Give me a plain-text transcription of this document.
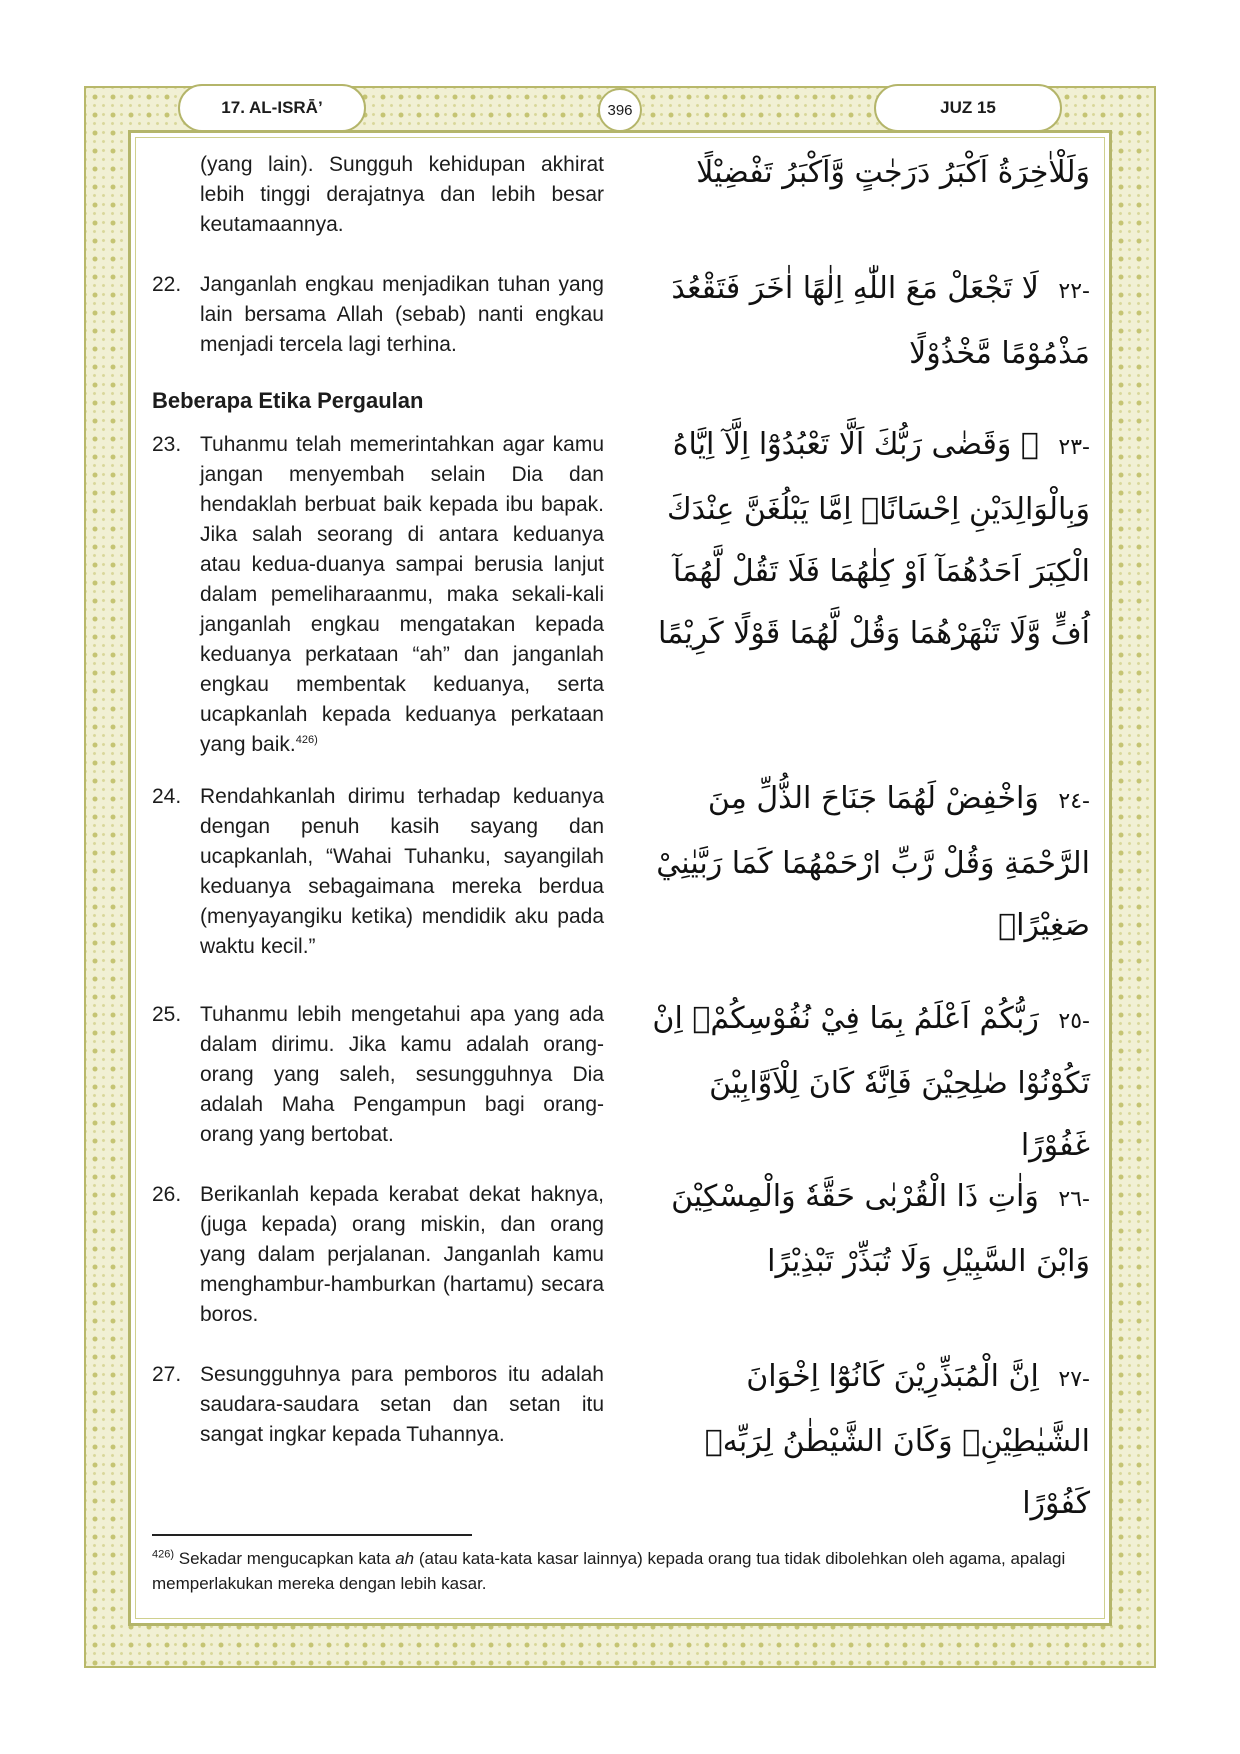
17. AL-ISRĀ’	396	JUZ 15
(yang lain). Sungguh kehidupan akhirat lebih tinggi derajatnya dan lebih besar keutamaannya.
وَلَلْاٰخِرَةُ اَكْبَرُ دَرَجٰتٍ وَّاَكْبَرُ تَفْضِيْلًا
22. Janganlah engkau menjadikan tuhan yang lain bersama Allah (sebab) nanti engkau menjadi tercela lagi terhina.
-٢٢ لَا تَجْعَلْ مَعَ اللّٰهِ اِلٰهًا اٰخَرَ فَتَقْعُدَ مَذْمُوْمًا مَّخْذُوْلًا
Beberapa Etika Pergaulan
23. Tuhanmu telah memerintahkan agar kamu jangan menyembah selain Dia dan hendaklah berbuat baik kepada ibu bapak. Jika salah seorang di antara keduanya atau kedua-duanya sampai berusia lanjut dalam pemeliharaanmu, maka sekali-kali janganlah engkau mengatakan kepada keduanya perkataan “ah” dan janganlah engkau membentak keduanya, serta ucapkanlah kepada keduanya perkataan yang baik.$^{426)}$
-٢٣ ۞ وَقَضٰى رَبُّكَ اَلَّا تَعْبُدُوْٓا اِلَّآ اِيَّاهُ وَبِالْوَالِدَيْنِ اِحْسَانًاۗ اِمَّا يَبْلُغَنَّ عِنْدَكَ الْكِبَرَ اَحَدُهُمَآ اَوْ كِلٰهُمَا فَلَا تَقُلْ لَّهُمَآ اُفٍّ وَّلَا تَنْهَرْهُمَا وَقُلْ لَّهُمَا قَوْلًا كَرِيْمًا
24. Rendahkanlah dirimu terhadap keduanya dengan penuh kasih sayang dan ucapkanlah, “Wahai Tuhanku, sayangilah keduanya sebagaimana mereka berdua (menyayangiku ketika) mendidik aku pada waktu kecil.”
-٢٤ وَاخْفِضْ لَهُمَا جَنَاحَ الذُّلِّ مِنَ الرَّحْمَةِ وَقُلْ رَّبِّ ارْحَمْهُمَا كَمَا رَبَّيٰنِيْ صَغِيْرًاۗ
25. Tuhanmu lebih mengetahui apa yang ada dalam dirimu. Jika kamu adalah orang-orang yang saleh, sesungguhnya Dia adalah Maha Pengampun bagi orang-orang yang bertobat.
-٢٥ رَبُّكُمْ اَعْلَمُ بِمَا فِيْ نُفُوْسِكُمْۗ اِنْ تَكُوْنُوْا صٰلِحِيْنَ فَاِنَّهٗ كَانَ لِلْاَوَّابِيْنَ غَفُوْرًا
26. Berikanlah kepada kerabat dekat haknya, (juga kepada) orang miskin, dan orang yang dalam perjalanan. Janganlah kamu menghambur-hamburkan (hartamu) secara boros.
-٢٦ وَاٰتِ ذَا الْقُرْبٰى حَقَّهٗ وَالْمِسْكِيْنَ وَابْنَ السَّبِيْلِ وَلَا تُبَذِّرْ تَبْذِيْرًا
27. Sesungguhnya para pemboros itu adalah saudara-saudara setan dan setan itu sangat ingkar kepada Tuhannya.
-٢٧ اِنَّ الْمُبَذِّرِيْنَ كَانُوْٓا اِخْوَانَ الشَّيٰطِيْنِۗ وَكَانَ الشَّيْطٰنُ لِرَبِّهٖ كَفُوْرًا
$^{426)}$ Sekadar mengucapkan kata ah (atau kata-kata kasar lainnya) kepada orang tua tidak dibolehkan oleh agama, apalagi memperlakukan mereka dengan lebih kasar.
